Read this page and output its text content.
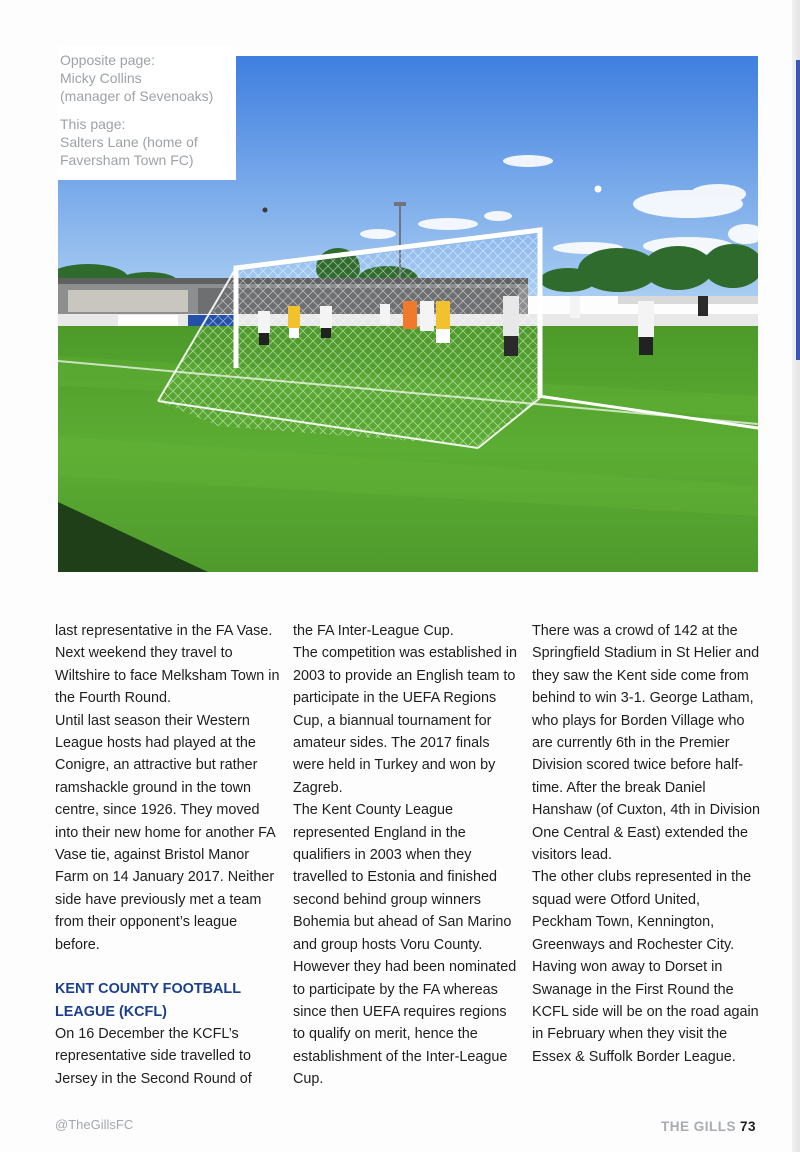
Opposite page:
Micky Collins
(manager of Sevenoaks)
This page:
Salters Lane (home of
Faversham Town FC)

last representative in the FA Vase. Next weekend they travel to Wiltshire to face Melksham Town in the Fourth Round.

Until last season their Western League hosts had played at the Conigre, an attractive but rather ramshackle ground in the town centre, since 1926. They moved into their new home for another FA Vase tie, against Bristol Manor Farm on 14 January 2017. Neither side have previously met a team from their opponent’s league before.

KENT COUNTY FOOTBALL LEAGUE (KCFL)

On 16 December the KCFL’s representative side travelled to Jersey in the Second Round of

the FA Inter-League Cup.

The competition was established in 2003 to provide an English team to participate in the UEFA Regions Cup, a biannual tournament for amateur sides. The 2017 finals were held in Turkey and won by Zagreb.

The Kent County League represented England in the qualifiers in 2003 when they travelled to Estonia and finished second behind group winners Bohemia but ahead of San Marino and group hosts Voru County. However they had been nominated to participate by the FA whereas since then UEFA requires regions to qualify on merit, hence the establishment of the Inter-League Cup.

There was a crowd of 142 at the Springfield Stadium in St Helier and they saw the Kent side come from behind to win 3-1. George Latham, who plays for Borden Village who are currently 6th in the Premier Division scored twice before half-time. After the break Daniel Hanshaw (of Cuxton, 4th in Division One Central & East) extended the visitors lead.

The other clubs represented in the squad were Otford United, Peckham Town, Kennington, Greenways and Rochester City. Having won away to Dorset in Swanage in the First Round the KCFL side will be on the road again in February when they visit the Essex & Suffolk Border League.

@TheGillsFC	THE GILLS 73
